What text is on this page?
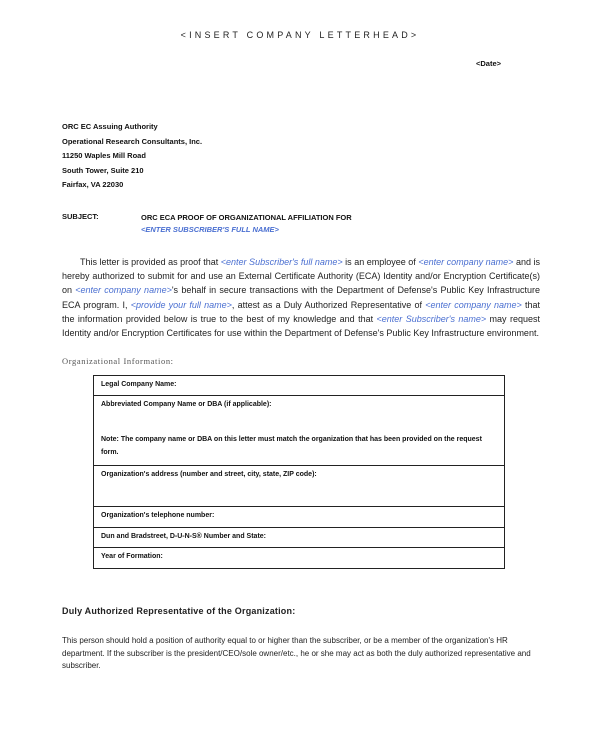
<INSERT COMPANY LETTERHEAD>
<Date>
ORC EC Assuing Authority
Operational Research Consultants, Inc.
11250 Waples Mill Road
South Tower, Suite 210
Fairfax, VA 22030
SUBJECT:	ORC ECA PROOF OF ORGANIZATIONAL AFFILIATION FOR
<ENTER SUBSCRIBER'S FULL NAME>

This letter is provided as proof that <enter Subscriber's full name> is an employee of <enter company name> and is hereby authorized to submit for and use an External Certificate Authority (ECA) Identity and/or Encryption Certificate(s) on <enter company name>'s behalf in secure transactions with the Department of Defense's Public Key Infrastructure ECA program. I, <provide your full name>, attest as a Duly Authorized Representative of <enter company name> that the information provided below is true to the best of my knowledge and that <enter Subscriber's name> may request Identity and/or Encryption Certificates for use within the Department of Defense's Public Key Infrastructure environment.

Organizational Information:
Legal Company Name:
Abbreviated Company Name or DBA (if applicable):
Note: The company name or DBA on this letter must match the organization that has been provided on the request form.
Organization's address (number and street, city, state, ZIP code):
Organization's telephone number:
Dun and Bradstreet, D-U-N-S® Number and State:
Year of Formation:
Duly Authorized Representative of the Organization:

This person should hold a position of authority equal to or higher than the subscriber, or be a member of the organization's HR department. If the subscriber is the president/CEO/sole owner/etc., he or she may act as both the duly authorized representative and subscriber.
